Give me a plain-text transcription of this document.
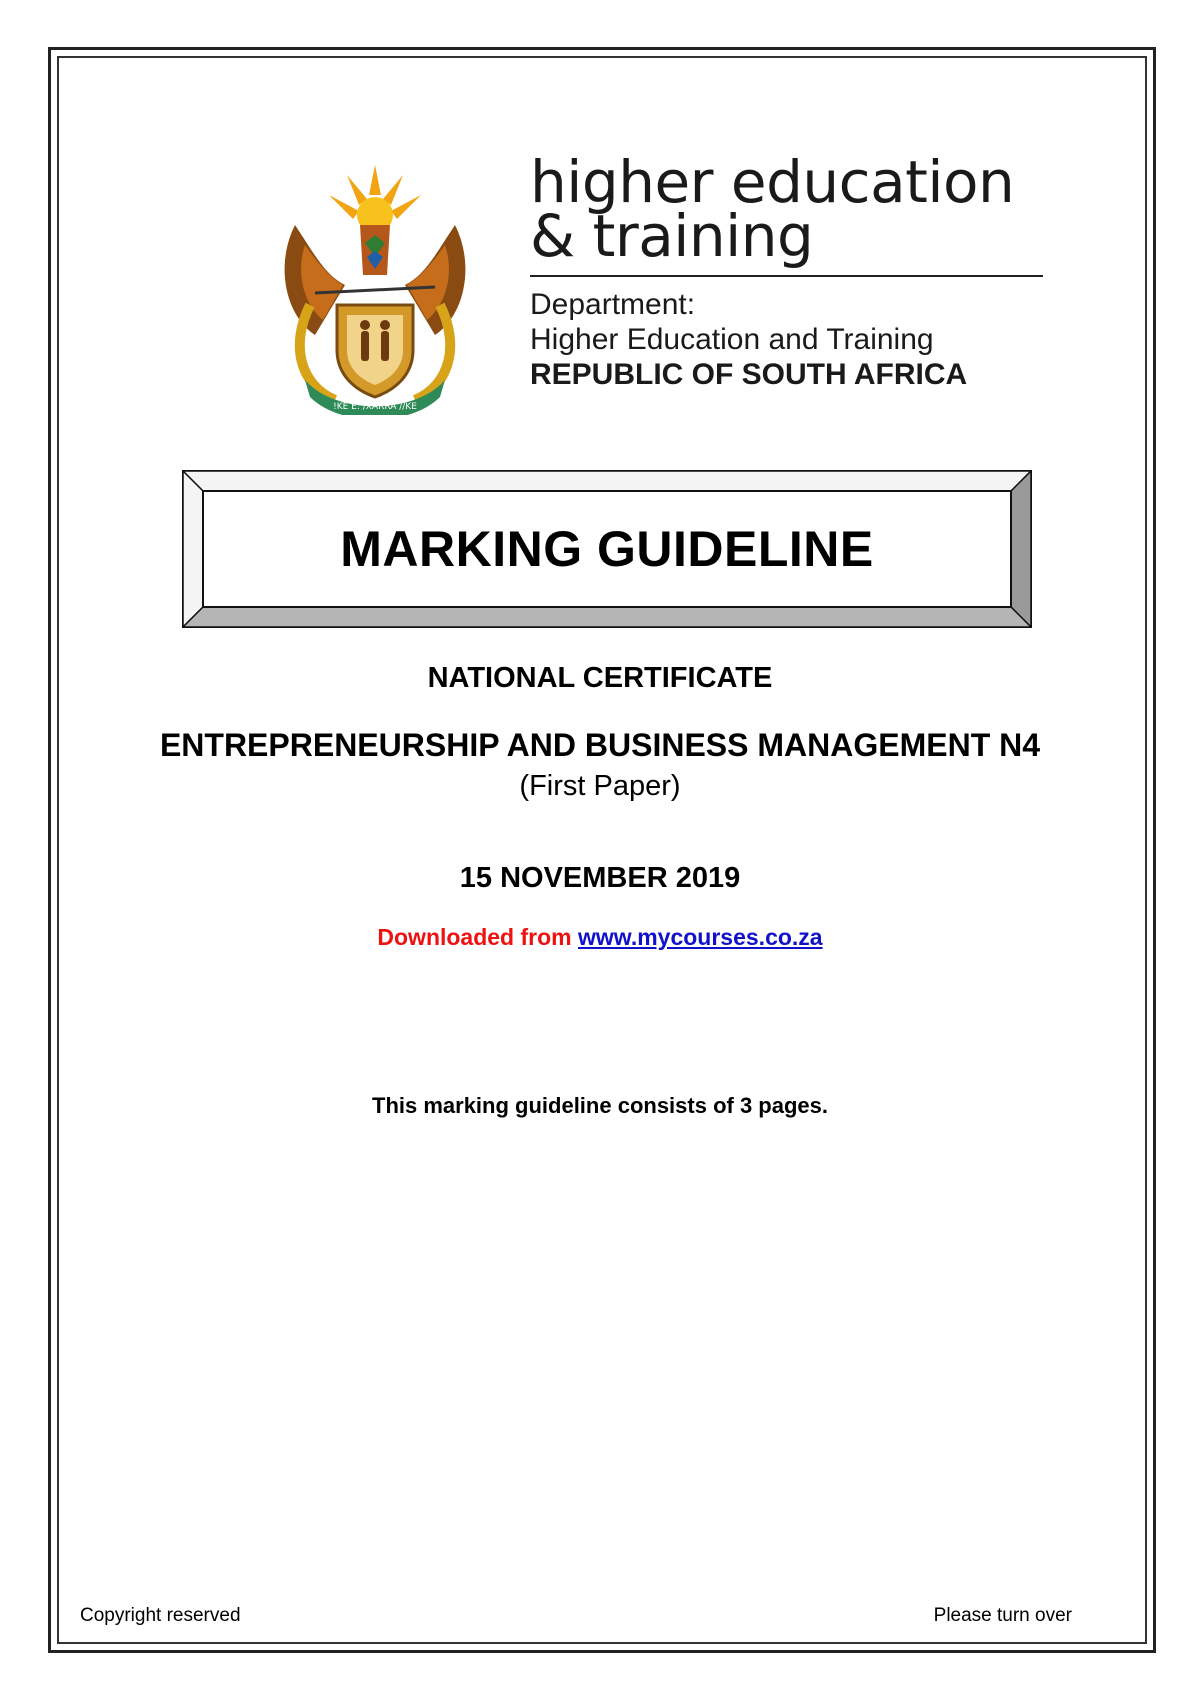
!KE E: /XARRA //KE
higher education
& training
Department:
Higher Education and Training
REPUBLIC OF SOUTH AFRICA
MARKING GUIDELINE
NATIONAL CERTIFICATE
ENTREPRENEURSHIP AND BUSINESS MANAGEMENT N4
(First Paper)
15 NOVEMBER 2019
Downloaded from www.mycourses.co.za
This marking guideline consists of 3 pages.
Copyright reserved	Please turn over
